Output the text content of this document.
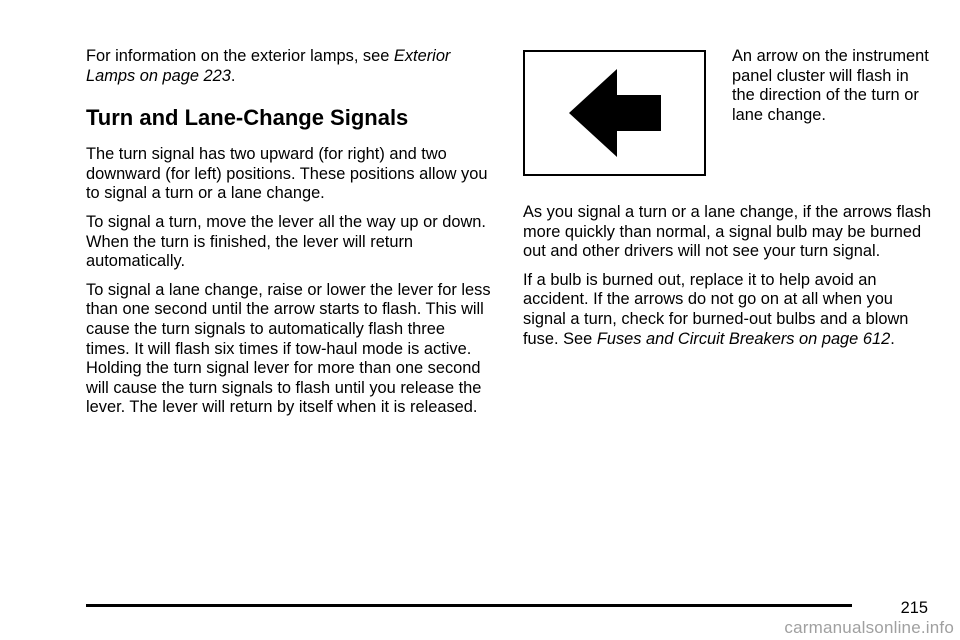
For information on the exterior lamps, see Exterior Lamps on page 223.

Turn and Lane-Change Signals

The turn signal has two upward (for right) and two downward (for left) positions. These positions allow you to signal a turn or a lane change.

To signal a turn, move the lever all the way up or down. When the turn is finished, the lever will return automatically.

To signal a lane change, raise or lower the lever for less than one second until the arrow starts to flash. This will cause the turn signals to automatically flash three times. It will flash six times if tow-haul mode is active. Holding the turn signal lever for more than one second will cause the turn signals to flash until you release the lever. The lever will return by itself when it is released.

An arrow on the instrument panel cluster will flash in the direction of the turn or lane change.

As you signal a turn or a lane change, if the arrows flash more quickly than normal, a signal bulb may be burned out and other drivers will not see your turn signal.

If a bulb is burned out, replace it to help avoid an accident. If the arrows do not go on at all when you signal a turn, check for burned-out bulbs and a blown fuse. See Fuses and Circuit Breakers on page 612.

215
carmanualsonline.info
